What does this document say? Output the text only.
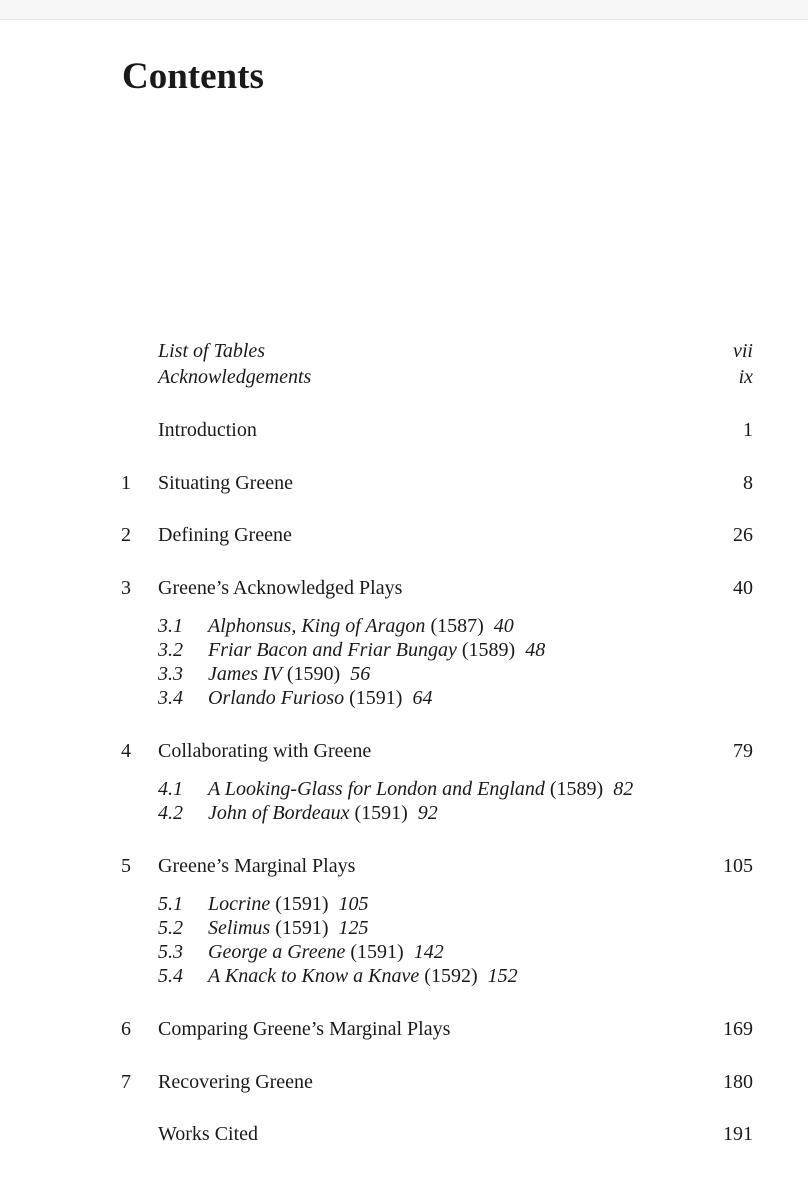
Contents
List of Tables	vii
Acknowledgements	ix
Introduction	1
1 Situating Greene	8
2 Defining Greene	26
3 Greene’s Acknowledged Plays	40
3.1 Alphonsus, King of Aragon (1587) 40
3.2 Friar Bacon and Friar Bungay (1589) 48
3.3 James IV (1590) 56
3.4 Orlando Furioso (1591) 64
4 Collaborating with Greene	79
4.1 A Looking-Glass for London and England (1589) 82
4.2 John of Bordeaux (1591) 92
5 Greene’s Marginal Plays	105
5.1 Locrine (1591) 105
5.2 Selimus (1591) 125
5.3 George a Greene (1591) 142
5.4 A Knack to Know a Knave (1592) 152
6 Comparing Greene’s Marginal Plays	169
7 Recovering Greene	180
Works Cited	191
